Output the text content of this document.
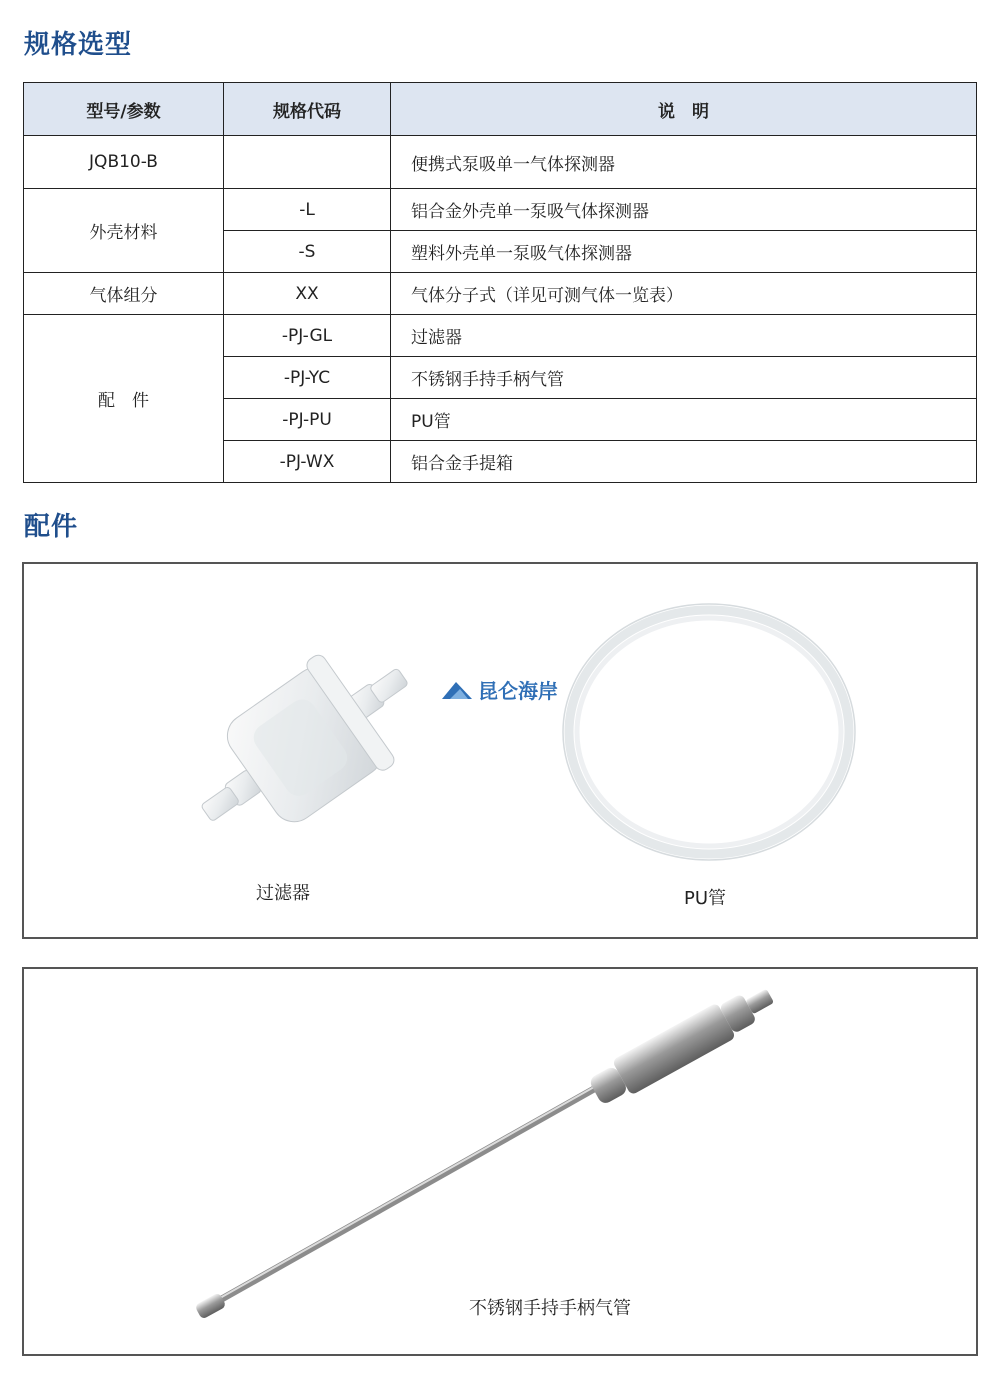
规格选型
型号/参数	规格代码	说　明
JQB10-B		便携式泵吸单一气体探测器
外壳材料	-L	铝合金外壳单一泵吸气体探测器
	-S	塑料外壳单一泵吸气体探测器
气体组分	XX	气体分子式（详见可测气体一览表）
配　件	-PJ-GL	过滤器
	-PJ-YC	不锈钢手持手柄气管
	-PJ-PU	PU管
	-PJ-WX	铝合金手提箱
配件
过滤器	PU管
昆仑海岸
不锈钢手持手柄气管
